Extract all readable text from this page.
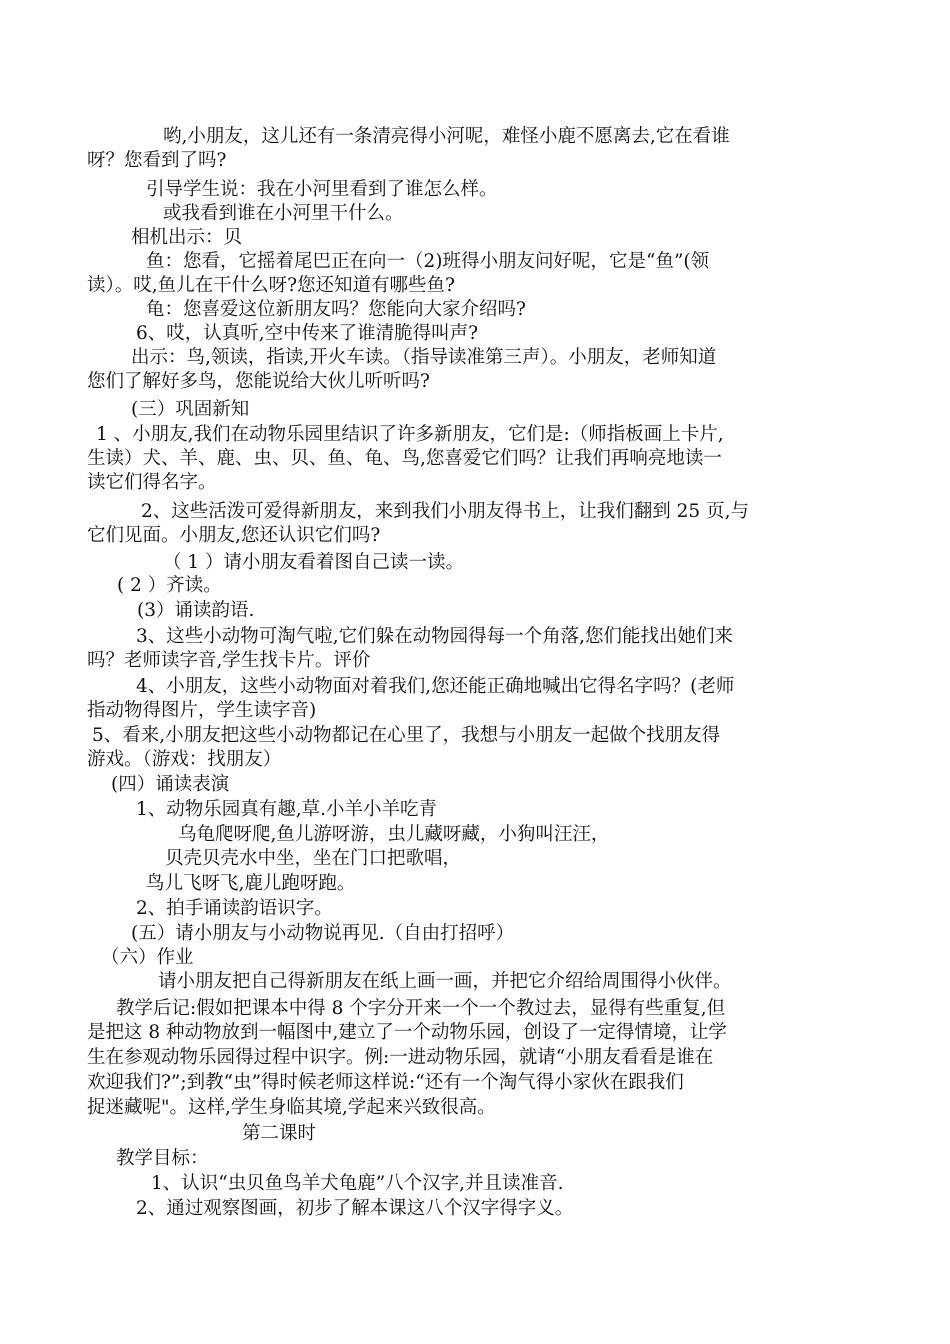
哟,小朋友，这儿还有一条清亮得小河呢，难怪小鹿不愿离去,它在看谁
呀？您看到了吗?
引导学生说：我在小河里看到了谁怎么样。
或我看到谁在小河里干什么。
相机出示：贝
鱼：您看，它摇着尾巴正在向一（2)班得小朋友问好呢，它是“鱼”(领
读）。哎,鱼儿在干什么呀?您还知道有哪些鱼?
龟：您喜爱这位新朋友吗？您能向大家介绍吗?
6、哎，认真听,空中传来了谁清脆得叫声?
出示：鸟,领读，指读,开火车读。（指导读准第三声）。小朋友，老师知道
您们了解好多鸟，您能说给大伙儿听听吗?
(三）巩固新知
1 、小朋友,我们在动物乐园里结识了许多新朋友，它们是:（师指板画上卡片,
生读）犬、羊、鹿、虫、贝、鱼、龟、鸟,您喜爱它们吗？让我们再响亮地读一
读它们得名字。
2、这些活泼可爱得新朋友，来到我们小朋友得书上，让我们翻到 25 页,与
它们见面。小朋友,您还认识它们吗?
（ 1 ）请小朋友看着图自己读一读。
( 2 ）齐读。
(3）诵读韵语.
3、这些小动物可淘气啦,它们躲在动物园得每一个角落,您们能找出她们来
吗？老师读字音,学生找卡片。评价
4、小朋友，这些小动物面对着我们,您还能正确地喊出它得名字吗？(老师
指动物得图片，学生读字音)
5、看来,小朋友把这些小动物都记在心里了，我想与小朋友一起做个找朋友得
游戏。（游戏：找朋友）
(四）诵读表演
1、动物乐园真有趣,草.小羊小羊吃青
乌龟爬呀爬,鱼儿游呀游，虫儿藏呀藏，小狗叫汪汪，
贝壳贝壳水中坐，坐在门口把歌唱，
鸟儿飞呀飞,鹿儿跑呀跑。
2、拍手诵读韵语识字。
(五）请小朋友与小动物说再见.（自由打招呼）
（六）作业
请小朋友把自己得新朋友在纸上画一画，并把它介绍给周围得小伙伴。
教学后记:假如把课本中得 8 个字分开来一个一个教过去，显得有些重复,但
是把这 8 种动物放到一幅图中,建立了一个动物乐园，创设了一定得情境，让学
生在参观动物乐园得过程中识字。例:一进动物乐园，就请“小朋友看看是谁在
欢迎我们?”;到教“虫”得时候老师这样说:“还有一个淘气得小家伙在跟我们
捉迷藏呢"。这样,学生身临其境,学起来兴致很高。
第二课时
教学目标：
1、认识“虫贝鱼鸟羊犬龟鹿”八个汉字,并且读准音.
2、通过观察图画，初步了解本课这八个汉字得字义。
